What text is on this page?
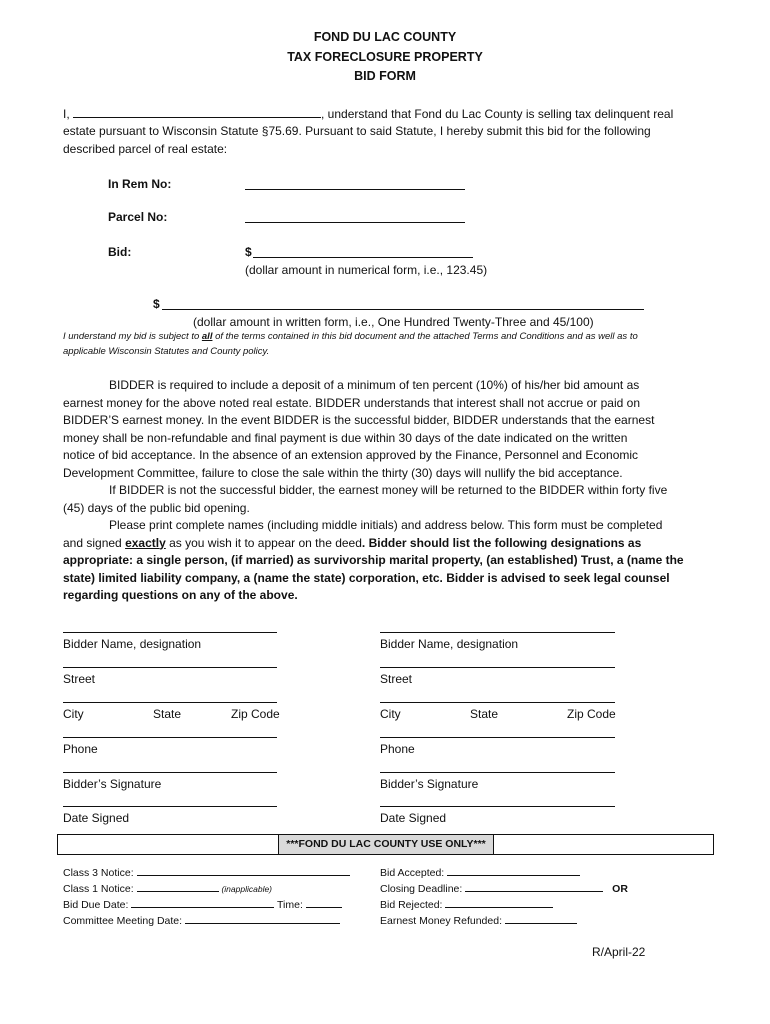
FOND DU LAC COUNTY
TAX FORECLOSURE PROPERTY
BID FORM
I,	, understand that Fond du Lac County is selling tax delinquent real
estate pursuant to Wisconsin Statute §75.69. Pursuant to said Statute, I hereby submit this bid for the following
described parcel of real estate:
In Rem No:
Parcel No:
Bid:	$
(dollar amount in numerical form, i.e., 123.45)
$
(dollar amount in written form, i.e., One Hundred Twenty-Three and 45/100)
I understand my bid is subject to all of the terms contained in this bid document and the attached Terms and Conditions and as well as to
applicable Wisconsin Statutes and County policy.
BIDDER is required to include a deposit of a minimum of ten percent (10%) of his/her bid amount as
earnest money for the above noted real estate. BIDDER understands that interest shall not accrue or paid on
BIDDER’S earnest money. In the event BIDDER is the successful bidder, BIDDER understands that the earnest
money shall be non-refundable and final payment is due within 30 days of the date indicated on the written
notice of bid acceptance. In the absence of an extension approved by the Finance, Personnel and Economic
Development Committee, failure to close the sale within the thirty (30) days will nullify the bid acceptance.
If BIDDER is not the successful bidder, the earnest money will be returned to the BIDDER within forty five
(45) days of the public bid opening.
Please print complete names (including middle initials) and address below. This form must be completed
and signed exactly as you wish it to appear on the deed. Bidder should list the following designations as
appropriate: a single person, (if married) as survivorship marital property, (an established) Trust, a (name the
state) limited liability company, a (name the state) corporation, etc. Bidder is advised to seek legal counsel
regarding questions on any of the above.
Bidder Name, designation
Street
City	State	Zip Code
Phone
Bidder’s Signature
Date Signed
Bidder Name, designation
Street
City	State	Zip Code
Phone
Bidder’s Signature
Date Signed
***FOND DU LAC COUNTY USE ONLY***
Class 3 Notice:
Class 1 Notice:	(inapplicable)
Bid Due Date:	Time:
Committee Meeting Date:
Bid Accepted:
Closing Deadline:	OR
Bid Rejected:
Earnest Money Refunded:
R/April-22
